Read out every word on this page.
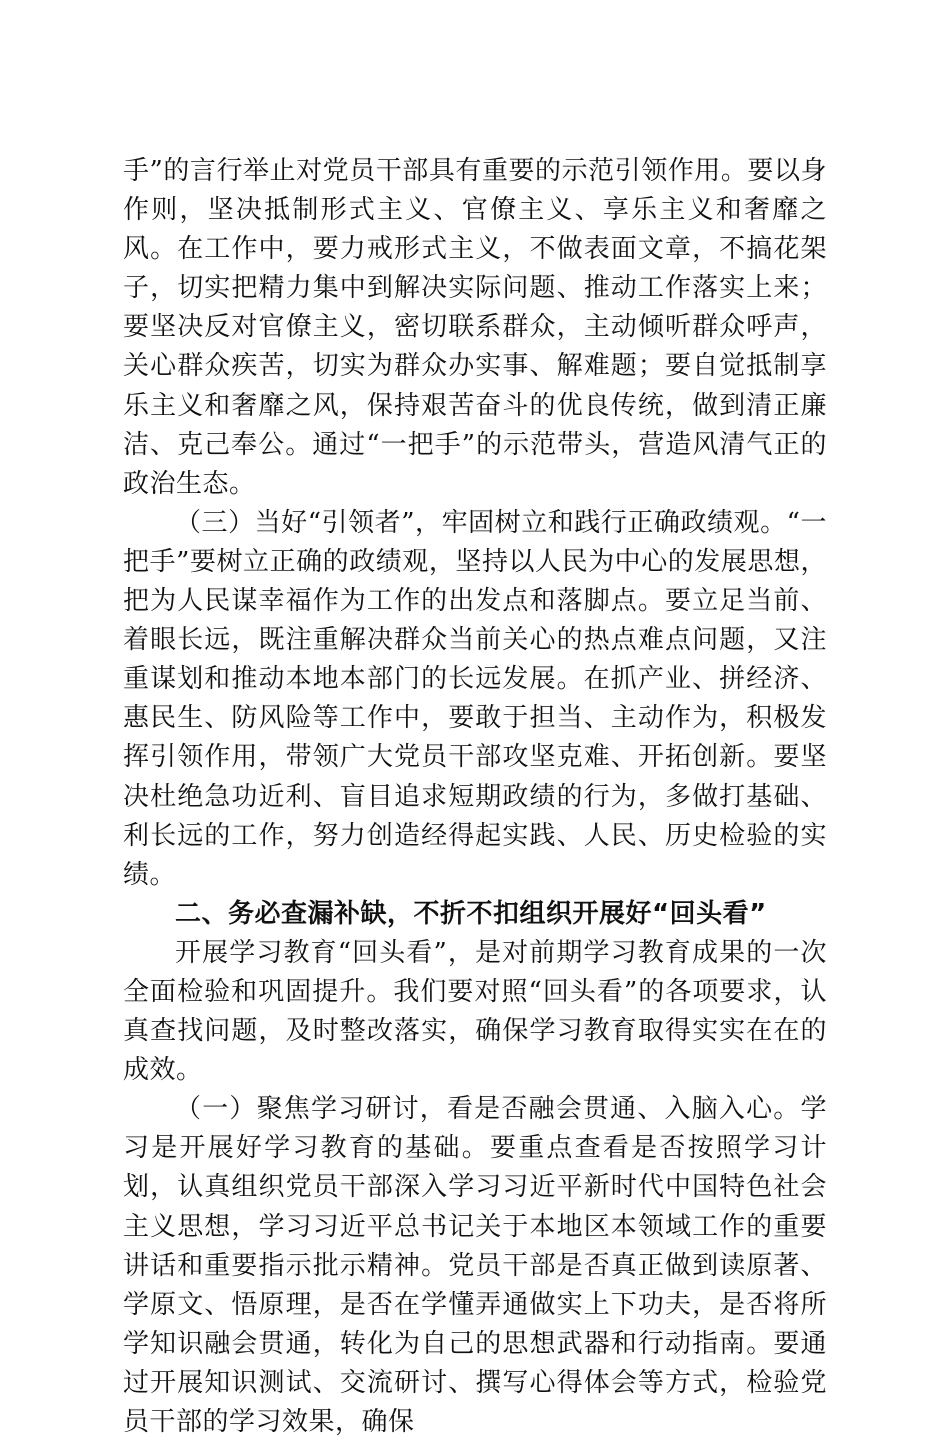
手”的言行举止对党员干部具有重要的示范引领作用。要以身作则，坚决抵制形式主义、官僚主义、享乐主义和奢靡之风。在工作中，要力戒形式主义，不做表面文章，不搞花架子，切实把精力集中到解决实际问题、推动工作落实上来；要坚决反对官僚主义，密切联系群众，主动倾听群众呼声，关心群众疾苦，切实为群众办实事、解难题；要自觉抵制享乐主义和奢靡之风，保持艰苦奋斗的优良传统，做到清正廉洁、克己奉公。通过“一把手”的示范带头，营造风清气正的政治生态。

（三）当好“引领者”，牢固树立和践行正确政绩观。“一把手”要树立正确的政绩观，坚持以人民为中心的发展思想，把为人民谋幸福作为工作的出发点和落脚点。要立足当前、着眼长远，既注重解决群众当前关心的热点难点问题，又注重谋划和推动本地本部门的长远发展。在抓产业、拼经济、惠民生、防风险等工作中，要敢于担当、主动作为，积极发挥引领作用，带领广大党员干部攻坚克难、开拓创新。要坚决杜绝急功近利、盲目追求短期政绩的行为，多做打基础、利长远的工作，努力创造经得起实践、人民、历史检验的实绩。

二、务必查漏补缺，不折不扣组织开展好“回头看”

开展学习教育“回头看”，是对前期学习教育成果的一次全面检验和巩固提升。我们要对照“回头看”的各项要求，认真查找问题，及时整改落实，确保学习教育取得实实在在的成效。

（一）聚焦学习研讨，看是否融会贯通、入脑入心。学习是开展好学习教育的基础。要重点查看是否按照学习计划，认真组织党员干部深入学习习近平新时代中国特色社会主义思想，学习习近平总书记关于本地区本领域工作的重要讲话和重要指示批示精神。党员干部是否真正做到读原著、学原文、悟原理，是否在学懂弄通做实上下功夫，是否将所学知识融会贯通，转化为自己的思想武器和行动指南。要通过开展知识测试、交流研讨、撰写心得体会等方式，检验党员干部的学习效果，确保
